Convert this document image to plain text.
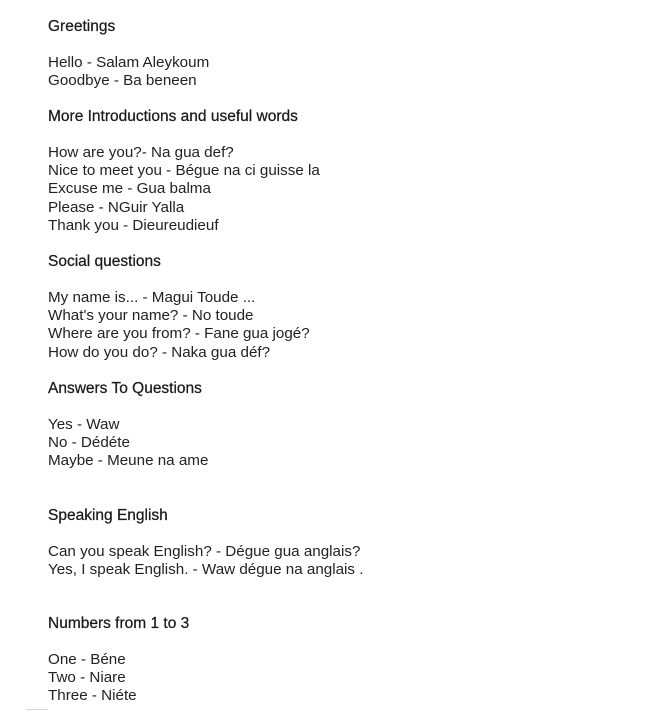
Greetings
Hello - Salam Aleykoum
Goodbye - Ba beneen
More Introductions and useful words
How are you?- Na gua def?
Nice to meet you - Bégue na ci guisse la
Excuse me - Gua balma
Please - NGuir Yalla
Thank you - Dieureudieuf
Social questions
My name is... - Magui Toude ...
What's your name? - No toude
Where are you from? - Fane gua jogé?
How do you do? - Naka gua déf?
Answers To Questions
Yes - Waw
No - Dédéte
Maybe - Meune na ame
Speaking English
Can you speak English? - Dégue gua anglais?
Yes, I speak English. - Waw dégue na anglais .
Numbers from 1 to 3
One - Béne
Two - Niare
Three - Niéte
